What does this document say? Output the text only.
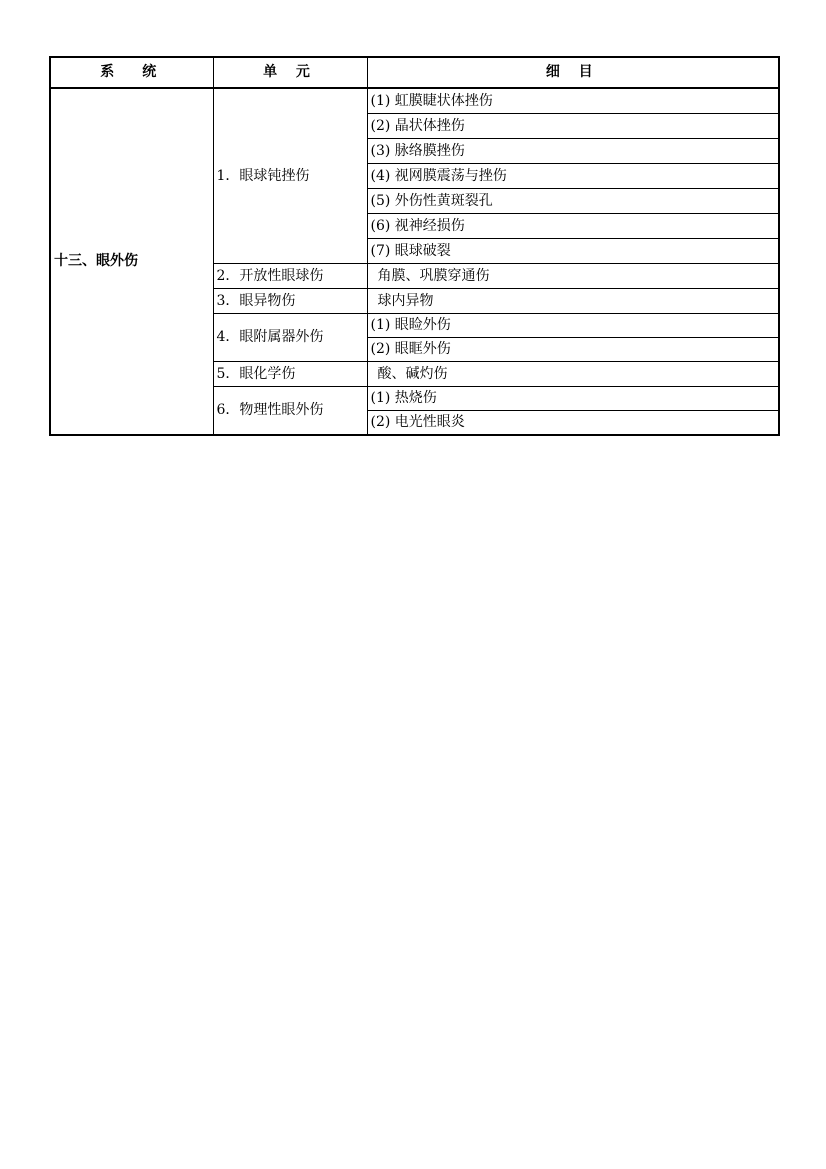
系　统	单 元	细 目
十三、眼外伤	1．眼球钝挫伤	(1) 虹膜睫状体挫伤
		(2) 晶状体挫伤
		(3) 脉络膜挫伤
		(4) 视网膜震荡与挫伤
		(5) 外伤性黄斑裂孔
		(6) 视神经损伤
		(7) 眼球破裂
	2．开放性眼球伤	角膜、巩膜穿通伤
	3．眼异物伤	球内异物
	4．眼附属器外伤	(1) 眼睑外伤
		(2) 眼眶外伤
	5．眼化学伤	酸、碱灼伤
	6．物理性眼外伤	(1) 热烧伤
		(2) 电光性眼炎
